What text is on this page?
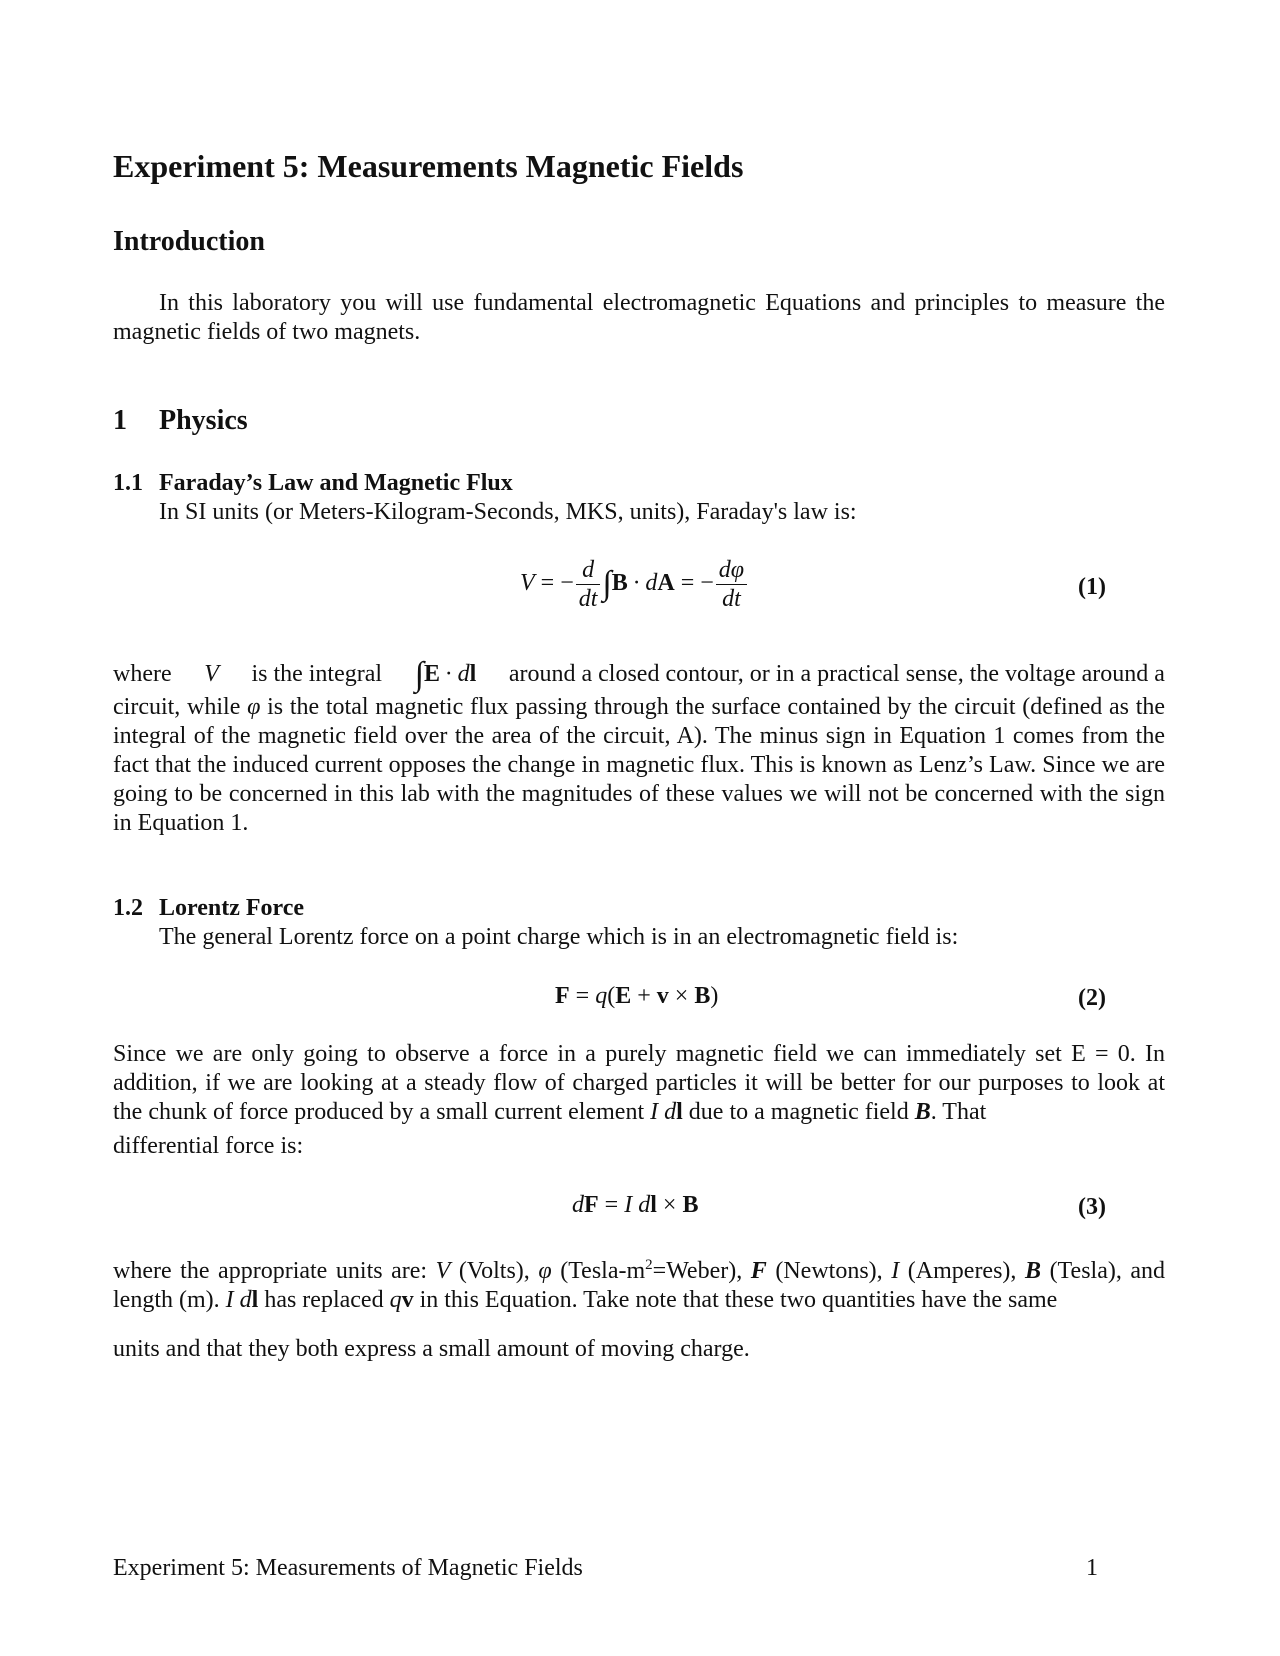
Experiment 5: Measurements Magnetic Fields
Introduction
In this laboratory you will use fundamental electromagnetic Equations and principles to measure the magnetic fields of two magnets.
1 Physics
1.1 Faraday’s Law and Magnetic Flux
In SI units (or Meters-Kilogram-Seconds, MKS, units), Faraday's law is:
V = − $\frac{d}{dt} \int B$ · dA = − $\frac{d\varphi}{dt}$	(1)
where V is the integral ∫E · dl around a closed contour, or in a practical sense, the voltage around a
circuit, while φ is the total magnetic flux passing through the surface contained by the circuit (defined as the integral of the magnetic field over the area of the circuit, A). The minus sign in Equation 1 comes from the fact that the induced current opposes the change in magnetic flux. This is known as Lenz’s Law. Since we are going to be concerned in this lab with the magnitudes of these values we will not be concerned with the sign in Equation 1.
1.2 Lorentz Force
The general Lorentz force on a point charge which is in an electromagnetic field is:
F = q(E + v × B)	(2)
Since we are only going to observe a force in a purely magnetic field we can immediately set E = 0. In addition, if we are looking at a steady flow of charged particles it will be better for our purposes to look at the chunk of force produced by a small current element I dl due to a magnetic field B. That
differential force is:
dF = I dl × B	(3)
where the appropriate units are: V (Volts), φ $(Tesla-m^2=Weber)$, F (Newtons), I (Amperes), B (Tesla), and length (m). I dl has replaced qv in this Equation. Take note that these two quantities have the same
units and that they both express a small amount of moving charge.
Experiment 5: Measurements of Magnetic Fields	1
